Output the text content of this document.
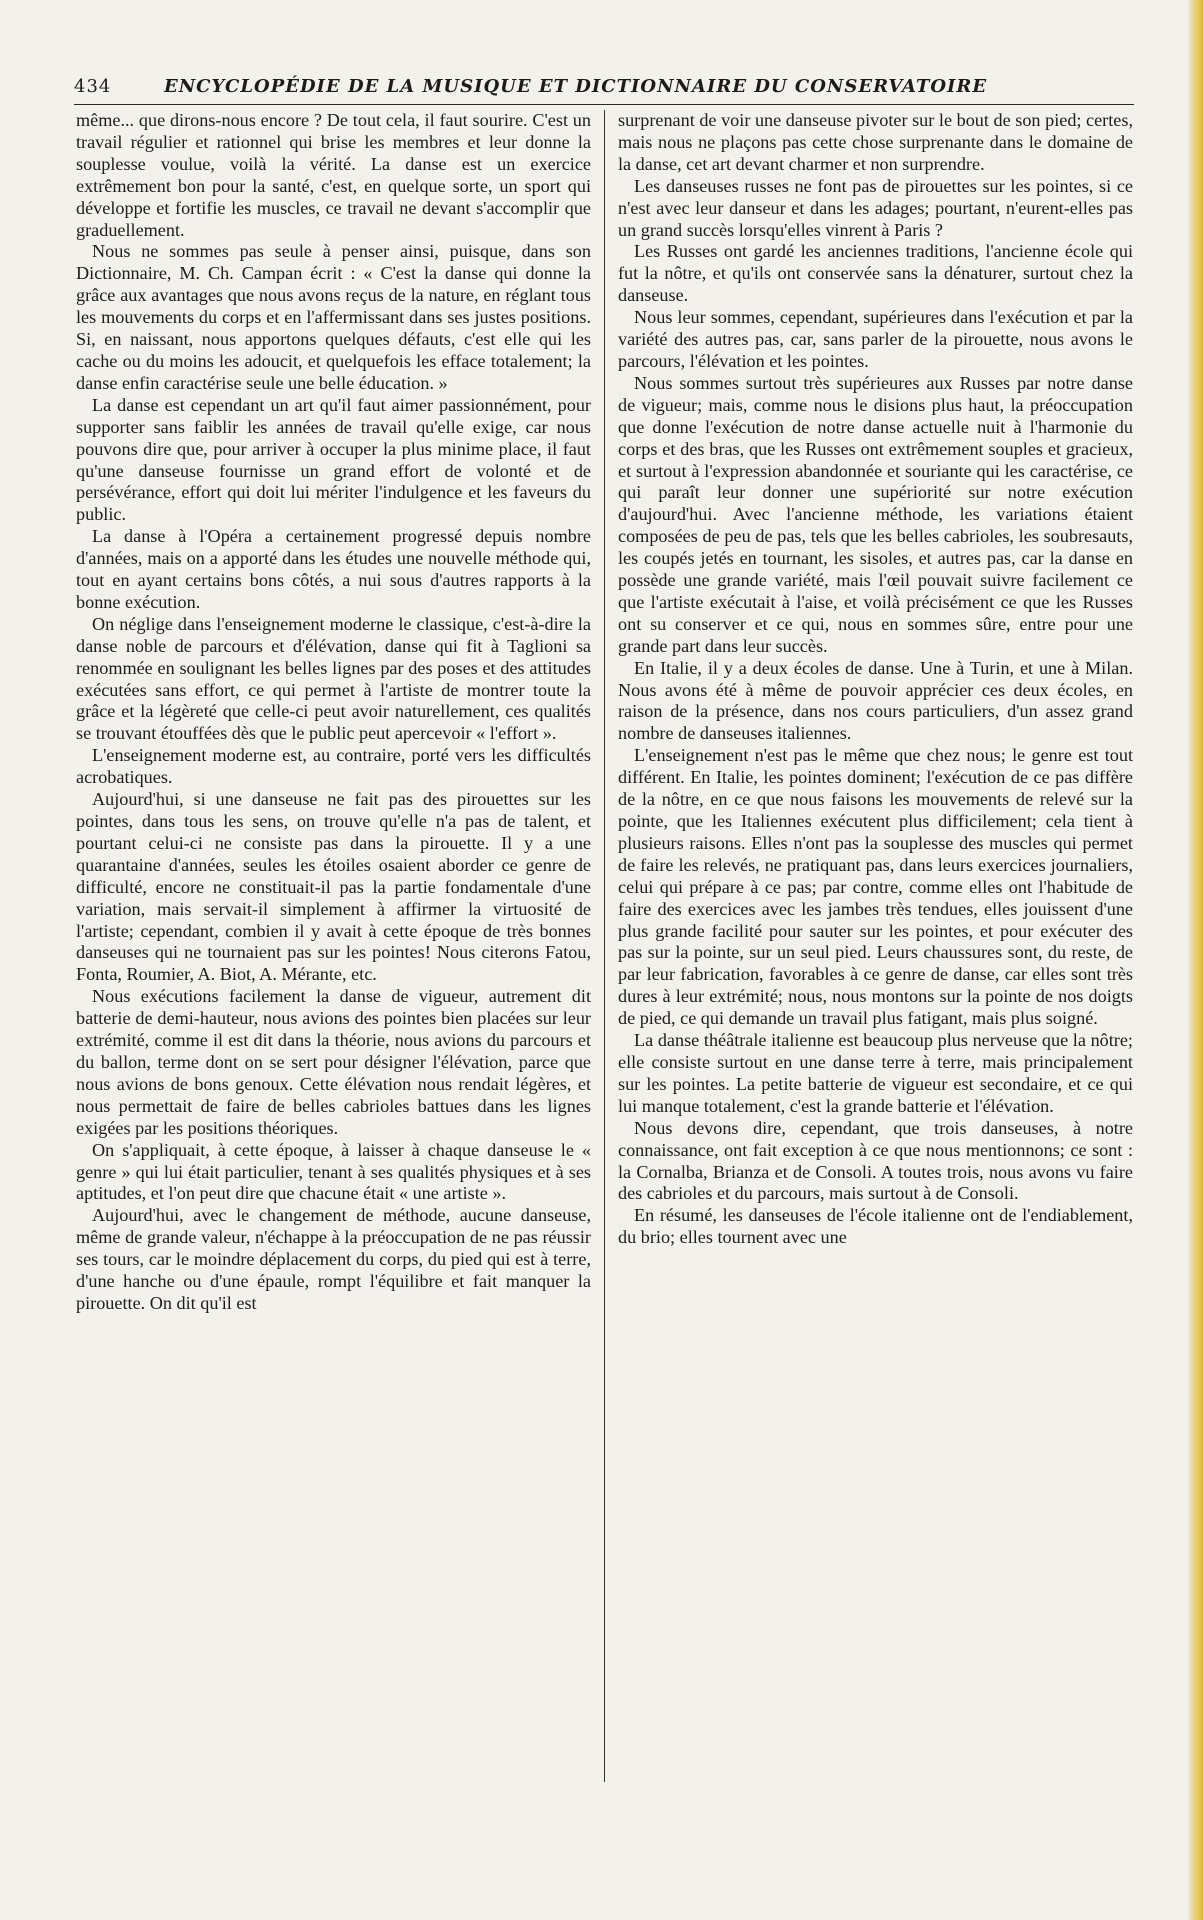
434	ENCYCLOPÉDIE DE LA MUSIQUE ET DICTIONNAIRE DU CONSERVATOIRE

même... que dirons-nous encore ? De tout cela, il faut sourire. C'est un travail régulier et rationnel qui brise les membres et leur donne la souplesse voulue, voilà la vérité. La danse est un exercice extrêmement bon pour la santé, c'est, en quelque sorte, un sport qui développe et fortifie les muscles, ce travail ne devant s'accomplir que graduellement.

Nous ne sommes pas seule à penser ainsi, puisque, dans son Dictionnaire, M. Ch. Campan écrit : « C'est la danse qui donne la grâce aux avantages que nous avons reçus de la nature, en réglant tous les mouvements du corps et en l'affermissant dans ses justes positions. Si, en naissant, nous apportons quelques défauts, c'est elle qui les cache ou du moins les adoucit, et quelquefois les efface totalement; la danse enfin caractérise seule une belle éducation. »

La danse est cependant un art qu'il faut aimer passionnément, pour supporter sans faiblir les années de travail qu'elle exige, car nous pouvons dire que, pour arriver à occuper la plus minime place, il faut qu'une danseuse fournisse un grand effort de volonté et de persévérance, effort qui doit lui mériter l'indulgence et les faveurs du public.

La danse à l'Opéra a certainement progressé depuis nombre d'années, mais on a apporté dans les études une nouvelle méthode qui, tout en ayant certains bons côtés, a nui sous d'autres rapports à la bonne exécution.

On néglige dans l'enseignement moderne le classique, c'est-à-dire la danse noble de parcours et d'élévation, danse qui fit à Taglioni sa renommée en soulignant les belles lignes par des poses et des attitudes exécutées sans effort, ce qui permet à l'artiste de montrer toute la grâce et la légèreté que celle-ci peut avoir naturellement, ces qualités se trouvant étouffées dès que le public peut apercevoir « l'effort ».

L'enseignement moderne est, au contraire, porté vers les difficultés acrobatiques.

Aujourd'hui, si une danseuse ne fait pas des pirouettes sur les pointes, dans tous les sens, on trouve qu'elle n'a pas de talent, et pourtant celui-ci ne consiste pas dans la pirouette. Il y a une quarantaine d'années, seules les étoiles osaient aborder ce genre de difficulté, encore ne constituait-il pas la partie fondamentale d'une variation, mais servait-il simplement à affirmer la virtuosité de l'artiste; cependant, combien il y avait à cette époque de très bonnes danseuses qui ne tournaient pas sur les pointes! Nous citerons Fatou, Fonta, Roumier, A. Biot, A. Mérante, etc.

Nous exécutions facilement la danse de vigueur, autrement dit batterie de demi-hauteur, nous avions des pointes bien placées sur leur extrémité, comme il est dit dans la théorie, nous avions du parcours et du ballon, terme dont on se sert pour désigner l'élévation, parce que nous avions de bons genoux. Cette élévation nous rendait légères, et nous permettait de faire de belles cabrioles battues dans les lignes exigées par les positions théoriques.

On s'appliquait, à cette époque, à laisser à chaque danseuse le « genre » qui lui était particulier, tenant à ses qualités physiques et à ses aptitudes, et l'on peut dire que chacune était « une artiste ».

Aujourd'hui, avec le changement de méthode, aucune danseuse, même de grande valeur, n'échappe à la préoccupation de ne pas réussir ses tours, car le moindre déplacement du corps, du pied qui est à terre, d'une hanche ou d'une épaule, rompt l'équilibre et fait manquer la pirouette. On dit qu'il est

surprenant de voir une danseuse pivoter sur le bout de son pied; certes, mais nous ne plaçons pas cette chose surprenante dans le domaine de la danse, cet art devant charmer et non surprendre.

Les danseuses russes ne font pas de pirouettes sur les pointes, si ce n'est avec leur danseur et dans les adages; pourtant, n'eurent-elles pas un grand succès lorsqu'elles vinrent à Paris ?

Les Russes ont gardé les anciennes traditions, l'ancienne école qui fut la nôtre, et qu'ils ont conservée sans la dénaturer, surtout chez la danseuse.

Nous leur sommes, cependant, supérieures dans l'exécution et par la variété des autres pas, car, sans parler de la pirouette, nous avons le parcours, l'élévation et les pointes.

Nous sommes surtout très supérieures aux Russes par notre danse de vigueur; mais, comme nous le disions plus haut, la préoccupation que donne l'exécution de notre danse actuelle nuit à l'harmonie du corps et des bras, que les Russes ont extrêmement souples et gracieux, et surtout à l'expression abandonnée et souriante qui les caractérise, ce qui paraît leur donner une supériorité sur notre exécution d'aujourd'hui. Avec l'ancienne méthode, les variations étaient composées de peu de pas, tels que les belles cabrioles, les soubresauts, les coupés jetés en tournant, les sisoles, et autres pas, car la danse en possède une grande variété, mais l'œil pouvait suivre facilement ce que l'artiste exécutait à l'aise, et voilà précisément ce que les Russes ont su conserver et ce qui, nous en sommes sûre, entre pour une grande part dans leur succès.

En Italie, il y a deux écoles de danse. Une à Turin, et une à Milan. Nous avons été à même de pouvoir apprécier ces deux écoles, en raison de la présence, dans nos cours particuliers, d'un assez grand nombre de danseuses italiennes.

L'enseignement n'est pas le même que chez nous; le genre est tout différent. En Italie, les pointes dominent; l'exécution de ce pas diffère de la nôtre, en ce que nous faisons les mouvements de relevé sur la pointe, que les Italiennes exécutent plus difficilement; cela tient à plusieurs raisons. Elles n'ont pas la souplesse des muscles qui permet de faire les relevés, ne pratiquant pas, dans leurs exercices journaliers, celui qui prépare à ce pas; par contre, comme elles ont l'habitude de faire des exercices avec les jambes très tendues, elles jouissent d'une plus grande facilité pour sauter sur les pointes, et pour exécuter des pas sur la pointe, sur un seul pied. Leurs chaussures sont, du reste, de par leur fabrication, favorables à ce genre de danse, car elles sont très dures à leur extrémité; nous, nous montons sur la pointe de nos doigts de pied, ce qui demande un travail plus fatigant, mais plus soigné.

La danse théâtrale italienne est beaucoup plus nerveuse que la nôtre; elle consiste surtout en une danse terre à terre, mais principalement sur les pointes. La petite batterie de vigueur est secondaire, et ce qui lui manque totalement, c'est la grande batterie et l'élévation.

Nous devons dire, cependant, que trois danseuses, à notre connaissance, ont fait exception à ce que nous mentionnons; ce sont : la Cornalba, Brianza et de Consoli. A toutes trois, nous avons vu faire des cabrioles et du parcours, mais surtout à de Consoli.

En résumé, les danseuses de l'école italienne ont de l'endiablement, du brio; elles tournent avec une
